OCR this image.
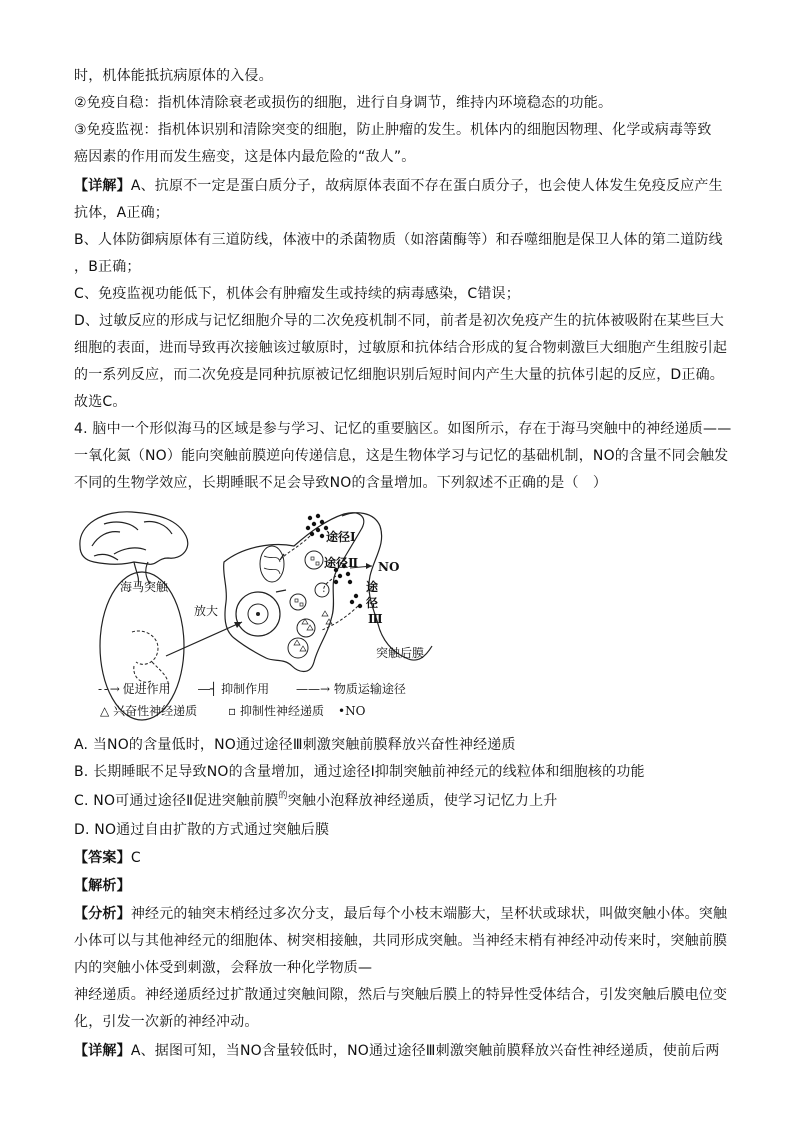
时，机体能抵抗病原体的入侵。
②免疫自稳：指机体清除衰老或损伤的细胞，进行自身调节，维持内环境稳态的功能。
③免疫监视：指机体识别和清除突变的细胞，防止肿瘤的发生。机体内的细胞因物理、化学或病毒等致
癌因素的作用而发生癌变，这是体内最危险的“敌人”。
【详解】A、抗原不一定是蛋白质分子，故病原体表面不存在蛋白质分子，也会使人体发生免疫反应产生
抗体，A正确；
B、人体防御病原体有三道防线，体液中的杀菌物质（如溶菌酶等）和吞噬细胞是保卫人体的第二道防线
，B正确；
C、免疫监视功能低下，机体会有肿瘤发生或持续的病毒感染，C错误；
D、过敏反应的形成与记忆细胞介导的二次免疫机制不同，前者是初次免疫产生的抗体被吸附在某些巨大
细胞的表面，进而导致再次接触该过敏原时，过敏原和抗体结合形成的复合物刺激巨大细胞产生组胺引起
的一系列反应，而二次免疫是同种抗原被记忆细胞识别后短时间内产生大量的抗体引起的反应，D正确。
故选C。
4. 脑中一个形似海马的区域是参与学习、记忆的重要脑区。如图所示，存在于海马突触中的神经递质——
一氧化氮（NO）能向突触前膜逆向传递信息，这是生物体学习与记忆的基础机制，NO的含量不同会触发
不同的生物学效应，长期睡眠不足会导致NO的含量增加。下列叙述不正确的是（　）
海马突触
放大
途径Ⅰ
途径Ⅱ NO
途
径
Ⅲ
突触后膜
- - → 促进作用 ―┤ 抑制作用 ——→ 物质运输途径
△ 兴奋性神经递质	▫ 抑制性神经递质 •NO
A. 当NO的含量低时，NO通过途径Ⅲ刺激突触前膜释放兴奋性神经递质
B. 长期睡眠不足导致NO的含量增加，通过途径Ⅰ抑制突触前神经元的线粒体和细胞核的功能
C. NO可通过途径Ⅱ促进突触前膜$^的$突触小泡释放神经递质，使学习记忆力上升
D. NO通过自由扩散的方式通过突触后膜
【答案】C
【解析】
【分析】神经元的轴突末梢经过多次分支，最后每个小枝末端膨大，呈杯状或球状，叫做突触小体。突触
小体可以与其他神经元的细胞体、树突相接触，共同形成突触。当神经末梢有神经冲动传来时，突触前膜
内的突触小体受到刺激，会释放一种化学物质—
神经递质。神经递质经过扩散通过突触间隙，然后与突触后膜上的特异性受体结合，引发突触后膜电位变
化，引发一次新的神经冲动。
【详解】A、据图可知，当NO含量较低时，NO通过途径Ⅲ刺激突触前膜释放兴奋性神经递质，使前后两
